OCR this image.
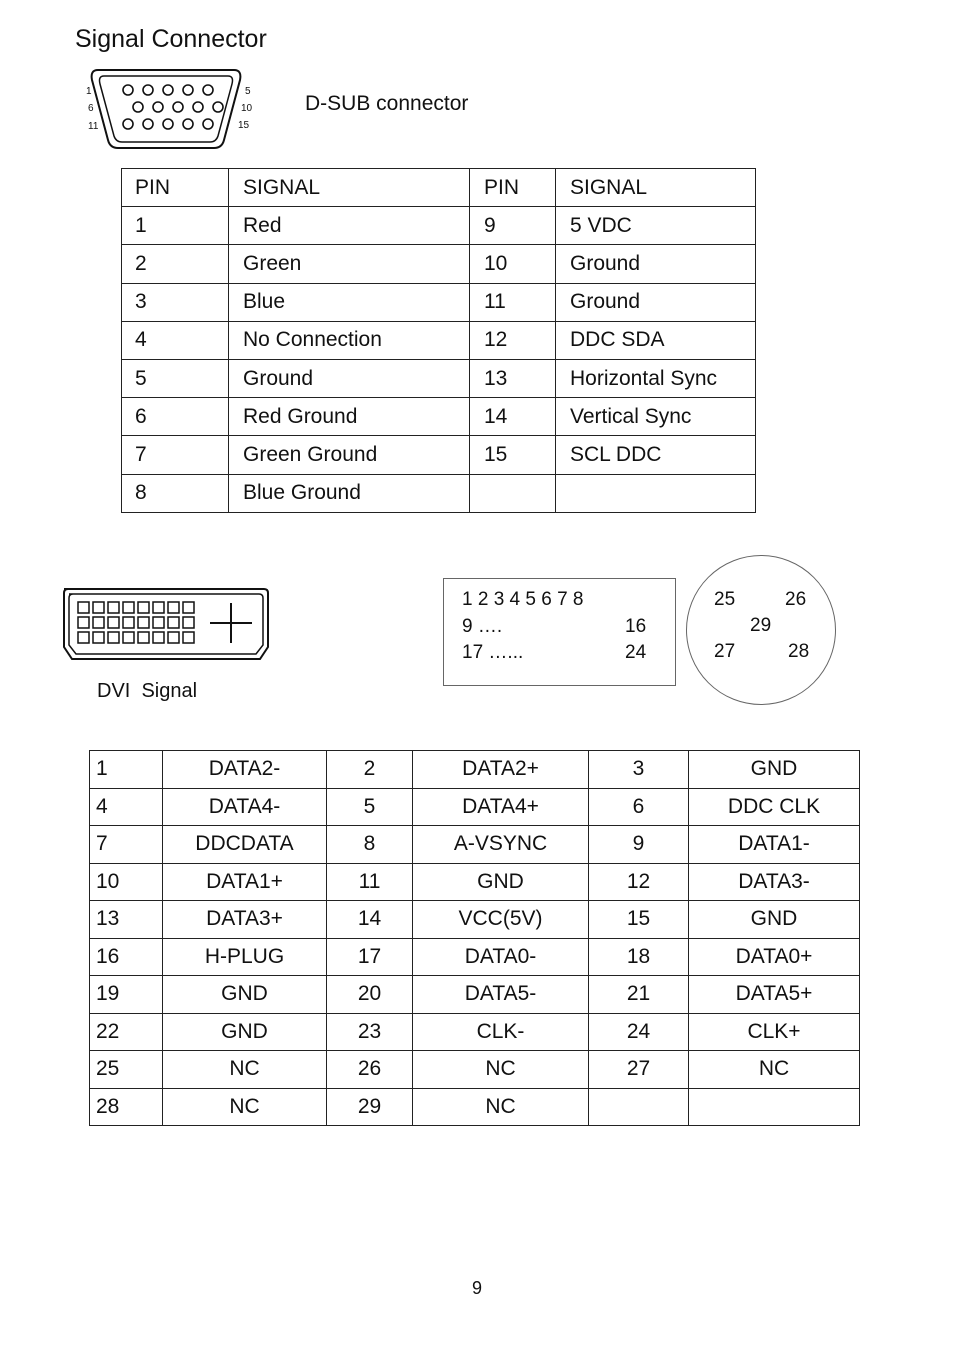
Signal Connector
1	5
6	10
11	15
D-SUB connector
PIN	SIGNAL	PIN	SIGNAL
1	Red	9	5 VDC
2	Green	10	Ground
3	Blue	11	Ground
4	No Connection	12	DDC SDA
5	Ground	13	Horizontal Sync
6	Red Ground	14	Vertical Sync
7	Green Ground	15	SCL DDC
8	Blue Ground		
DVI  Signal
1 2 3 4 5 6 7 8
9 ….	16
17 …...	24
25	26
29
27	28
1	DATA2-	2	DATA2+	3	GND
4	DATA4-	5	DATA4+	6	DDC CLK
7	DDCDATA	8	A-VSYNC	9	DATA1-
10	DATA1+	11	GND	12	DATA3-
13	DATA3+	14	VCC(5V)	15	GND
16	H-PLUG	17	DATA0-	18	DATA0+
19	GND	20	DATA5-	21	DATA5+
22	GND	23	CLK-	24	CLK+
25	NC	26	NC	27	NC
28	NC	29	NC		
9
